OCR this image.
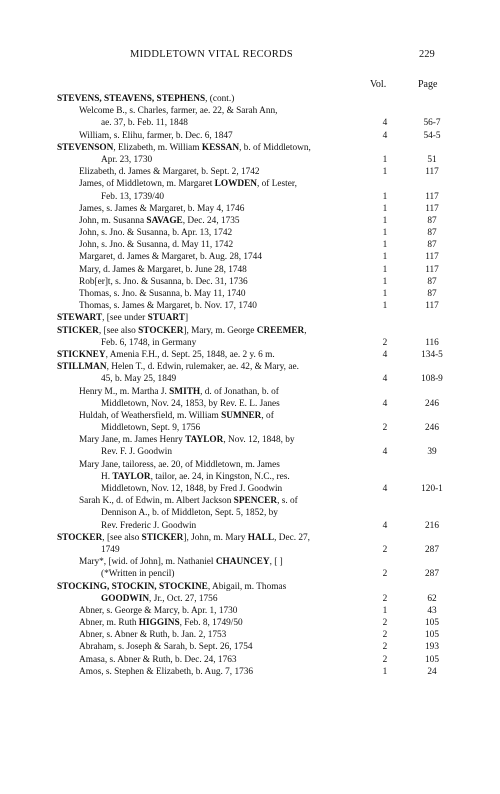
MIDDLETOWN VITAL RECORDS	229
Vol.	Page
STEVENS, STEAVENS, STEPHENS, (cont.)
Welcome B., s. Charles, farmer, ae. 22, & Sarah Ann,
ae. 37, b. Feb. 11, 1848	4	56-7
William, s. Elihu, farmer, b. Dec. 6, 1847	4	54-5
STEVENSON, Elizabeth, m. William KESSAN, b. of Middletown,
Apr. 23, 1730	1	51
Elizabeth, d. James & Margaret, b. Sept. 2, 1742	1	117
James, of Middletown, m. Margaret LOWDEN, of Lester,
Feb. 13, 1739/40	1	117
James, s. James & Margaret, b. May 4, 1746	1	117
John, m. Susanna SAVAGE, Dec. 24, 1735	1	87
John, s. Jno. & Susanna, b. Apr. 13, 1742	1	87
John, s. Jno. & Susanna, d. May 11, 1742	1	87
Margaret, d. James & Margaret, b. Aug. 28, 1744	1	117
Mary, d. James & Margaret, b. June 28, 1748	1	117
Rob[er]t, s. Jno. & Susanna, b. Dec. 31, 1736	1	87
Thomas, s. Jno. & Susanna, b. May 11, 1740	1	87
Thomas, s. James & Margaret, b. Nov. 17, 1740	1	117
STEWART, [see under STUART]
STICKER, [see also STOCKER], Mary, m. George CREEMER,
Feb. 6, 1748, in Germany	2	116
STICKNEY, Amenia F.H., d. Sept. 25, 1848, ae. 2 y. 6 m.	4	134-5
STILLMAN, Helen T., d. Edwin, rulemaker, ae. 42, & Mary, ae.
45, b. May 25, 1849	4	108-9
Henry M., m. Martha J. SMITH, d. of Jonathan, b. of
Middletown, Nov. 24, 1853, by Rev. E. L. Janes	4	246
Huldah, of Weathersfield, m. William SUMNER, of
Middletown, Sept. 9, 1756	2	246
Mary Jane, m. James Henry TAYLOR, Nov. 12, 1848, by
Rev. F. J. Goodwin	4	39
Mary Jane, tailoress, ae. 20, of Middletown, m. James
H. TAYLOR, tailor, ae. 24, in Kingston, N.C., res.
Middletown, Nov. 12, 1848, by Fred J. Goodwin	4	120-1
Sarah K., d. of Edwin, m. Albert Jackson SPENCER, s. of
Dennison A., b. of Middleton, Sept. 5, 1852, by
Rev. Frederic J. Goodwin	4	216
STOCKER, [see also STICKER], John, m. Mary HALL, Dec. 27,
1749	2	287
Mary*, [wid. of John], m. Nathaniel CHAUNCEY, [ ]
(*Written in pencil)	2	287
STOCKING, STOCKIN, STOCKINE, Abigail, m. Thomas
GOODWIN, Jr., Oct. 27, 1756	2	62
Abner, s. George & Marcy, b. Apr. 1, 1730	1	43
Abner, m. Ruth HIGGINS, Feb. 8, 1749/50	2	105
Abner, s. Abner & Ruth, b. Jan. 2, 1753	2	105
Abraham, s. Joseph & Sarah, b. Sept. 26, 1754	2	193
Amasa, s. Abner & Ruth, b. Dec. 24, 1763	2	105
Amos, s. Stephen & Elizabeth, b. Aug. 7, 1736	1	24
